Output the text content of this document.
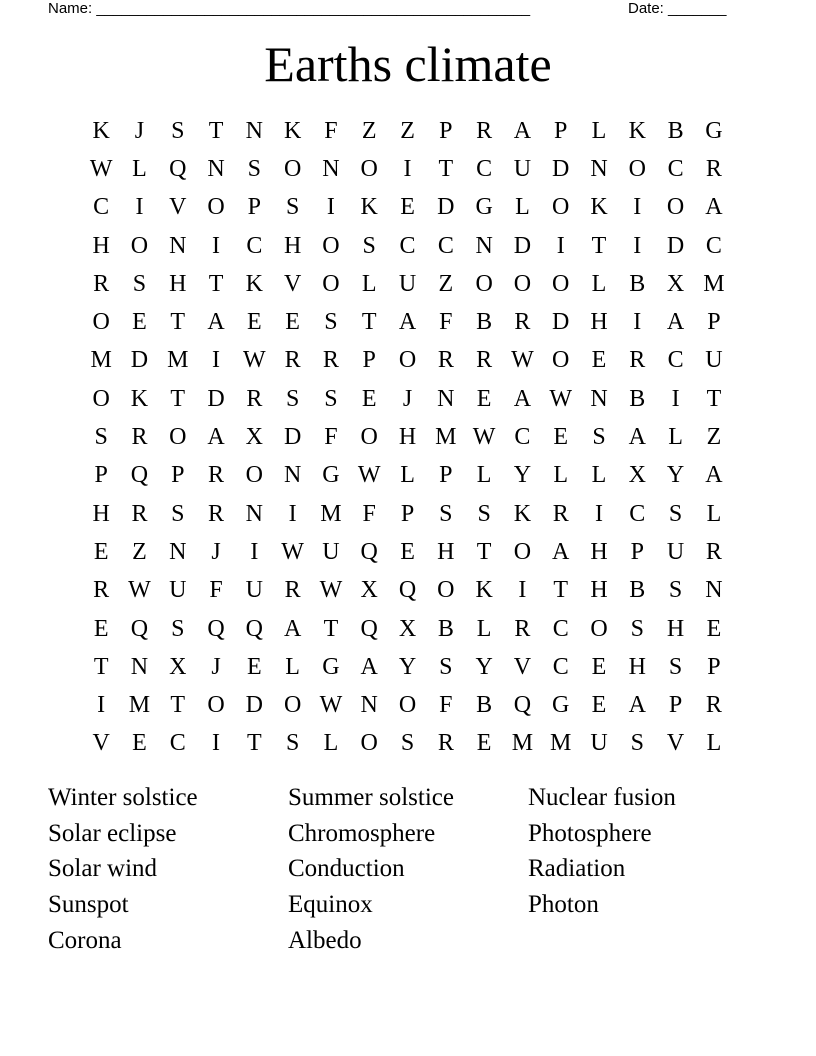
Name: ____________________________________________________	Date: _______
Earths climate
K	J	S	T N K F	Z Z	P R A P	L K B G
W L Q N S O N O	I	T C U D N O C R
C	I	V O P	S	I	K E D G L O K	I	O A
H O N	I	C H O S C C N D	I	T	I	D C
R S H T K V O L U Z O O O L B X M
O E T A E E	S	T A F B R D H	I	A P
M D M I W R R P O R R W O E R C U
O K T D R S	S	E	J	N E A W N B	I	T
S R O A X D F O H M W C E	S A L Z
P Q P R O N G W L	P	L Y L L X Y A
H R S R N	I M F	P	S	S K R	I	C S	L
E Z N	J	I W U Q E H T O A H P U R
R W U F U R W X Q O K	I	T H B S N
E Q S Q Q A T Q X B L R C O S H E
T N X	J	E L G A Y S Y V C E H S	P
I M T O D O W N O F B Q G E A P R
V E C	I	T	S	L O S R E M M U S V L
Winter solstice	Summer solstice	Nuclear fusion
Solar eclipse	Chromosphere	Photosphere
Solar wind	Conduction	Radiation
Sunspot	Equinox	Photon
Corona	Albedo
